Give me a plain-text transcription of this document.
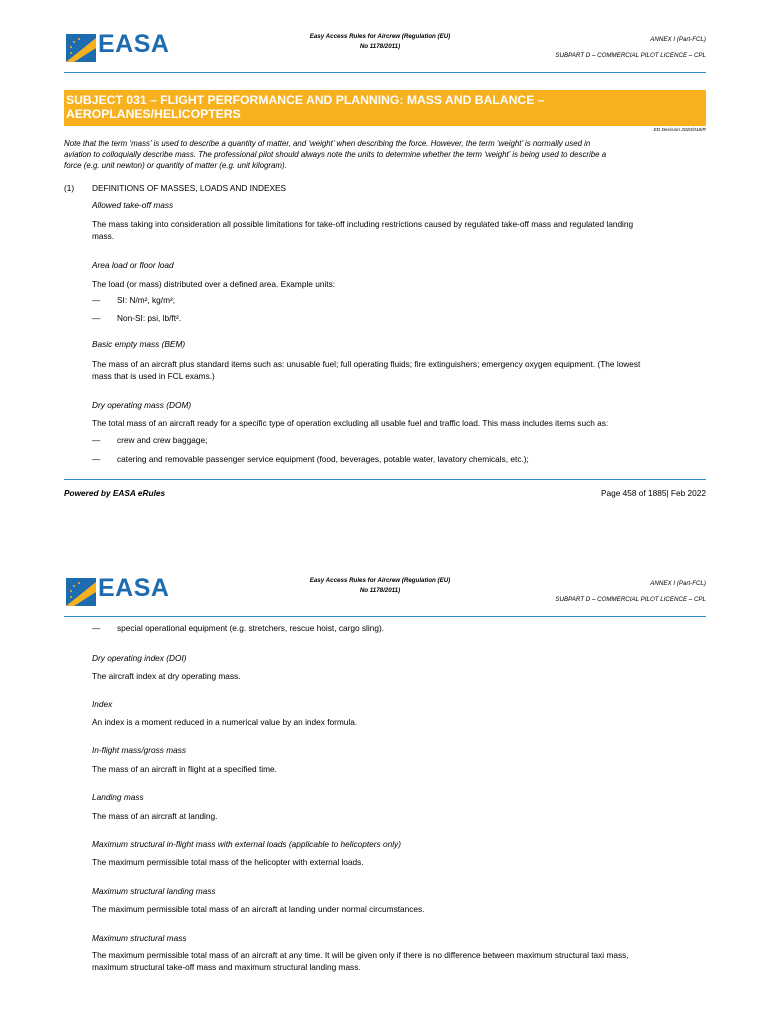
EASA	Easy Access Rules for Aircrew (Regulation (EU)
No 1178/2011)
ANNEX I (Part-FCL)
SUBPART D – COMMERCIAL PILOT LICENCE – CPL
SUBJECT 031 – FLIGHT PERFORMANCE AND PLANNING: MASS AND BALANCE –
AEROPLANES/HELICOPTERS
ED Decision 2020/018/R
Note that the term ‘mass’ is used to describe a quantity of matter, and ‘weight’ when describing the force. However, the term ‘weight’ is normally used in
aviation to colloquially describe mass. The professional pilot should always note the units to determine whether the term ‘weight’ is being used to describe a
force (e.g. unit newton) or quantity of matter (e.g. unit kilogram).
(1) DEFINITIONS OF MASSES, LOADS AND INDEXES
Allowed take-off mass
The mass taking into consideration all possible limitations for take-off including restrictions caused by regulated take-off mass and regulated landing
mass.
Area load or floor load
The load (or mass) distributed over a defined area. Example units:
— SI: N/m², kg/m²;
— Non-SI: psi, lb/ft².
Basic empty mass (BEM)
The mass of an aircraft plus standard items such as: unusable fuel; full operating fluids; fire extinguishers; emergency oxygen equipment. (The lowest
mass that is used in FCL exams.)
Dry operating mass (DOM)
The total mass of an aircraft ready for a specific type of operation excluding all usable fuel and traffic load. This mass includes items such as:
— crew and crew baggage;
— catering and removable passenger service equipment (food, beverages, potable water, lavatory chemicals, etc.);
Powered by EASA eRules	Page 458 of 1885| Feb 2022
EASA	Easy Access Rules for Aircrew (Regulation (EU)
No 1178/2011)
ANNEX I (Part-FCL)
SUBPART D – COMMERCIAL PILOT LICENCE – CPL
— special operational equipment (e.g. stretchers, rescue hoist, cargo sling).
Dry operating index (DOI)
The aircraft index at dry operating mass.
Index
An index is a moment reduced in a numerical value by an index formula.
In-flight mass/gross mass
The mass of an aircraft in flight at a specified time.
Landing mass
The mass of an aircraft at landing.
Maximum structural in-flight mass with external loads (applicable to helicopters only)
The maximum permissible total mass of the helicopter with external loads.
Maximum structural landing mass
The maximum permissible total mass of an aircraft at landing under normal circumstances.
Maximum structural mass
The maximum permissible total mass of an aircraft at any time. It will be given only if there is no difference between maximum structural taxi mass,
maximum structural take-off mass and maximum structural landing mass.
